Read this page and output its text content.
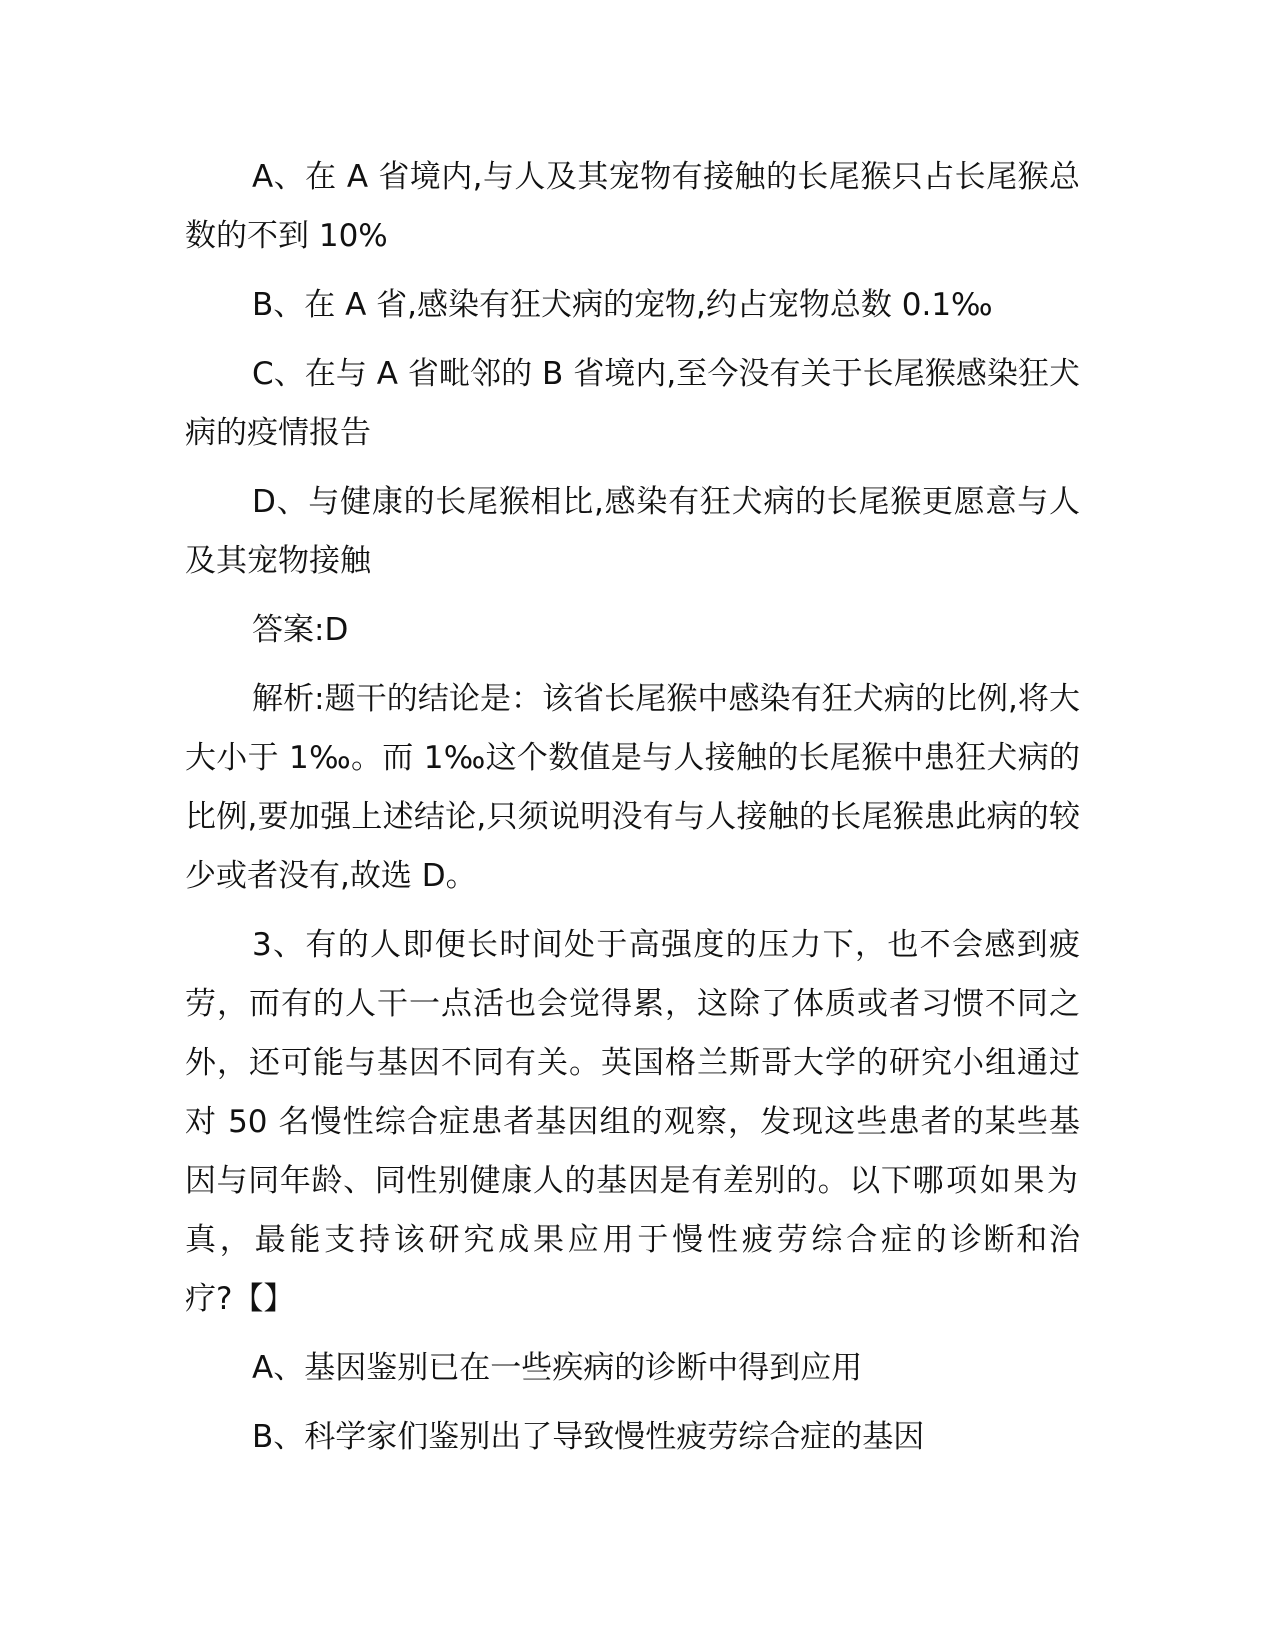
A、在 A 省境内,与人及其宠物有接触的长尾猴只占长尾猴总数的不到 10%

B、在 A 省,感染有狂犬病的宠物,约占宠物总数 0.1‰

C、在与 A 省毗邻的 B 省境内,至今没有关于长尾猴感染狂犬病的疫情报告

D、与健康的长尾猴相比,感染有狂犬病的长尾猴更愿意与人及其宠物接触

答案:D

解析:题干的结论是：该省长尾猴中感染有狂犬病的比例,将大大小于 1‰。而 1‰这个数值是与人接触的长尾猴中患狂犬病的比例,要加强上述结论,只须说明没有与人接触的长尾猴患此病的较少或者没有,故选 D。

3、有的人即便长时间处于高强度的压力下，也不会感到疲劳，而有的人干一点活也会觉得累，这除了体质或者习惯不同之外，还可能与基因不同有关。英国格兰斯哥大学的研究小组通过对 50 名慢性综合症患者基因组的观察，发现这些患者的某些基因与同年龄、同性别健康人的基因是有差别的。以下哪项如果为真，最能支持该研究成果应用于慢性疲劳综合症的诊断和治疗?【】

A、基因鉴别已在一些疾病的诊断中得到应用

B、科学家们鉴别出了导致慢性疲劳综合症的基因
